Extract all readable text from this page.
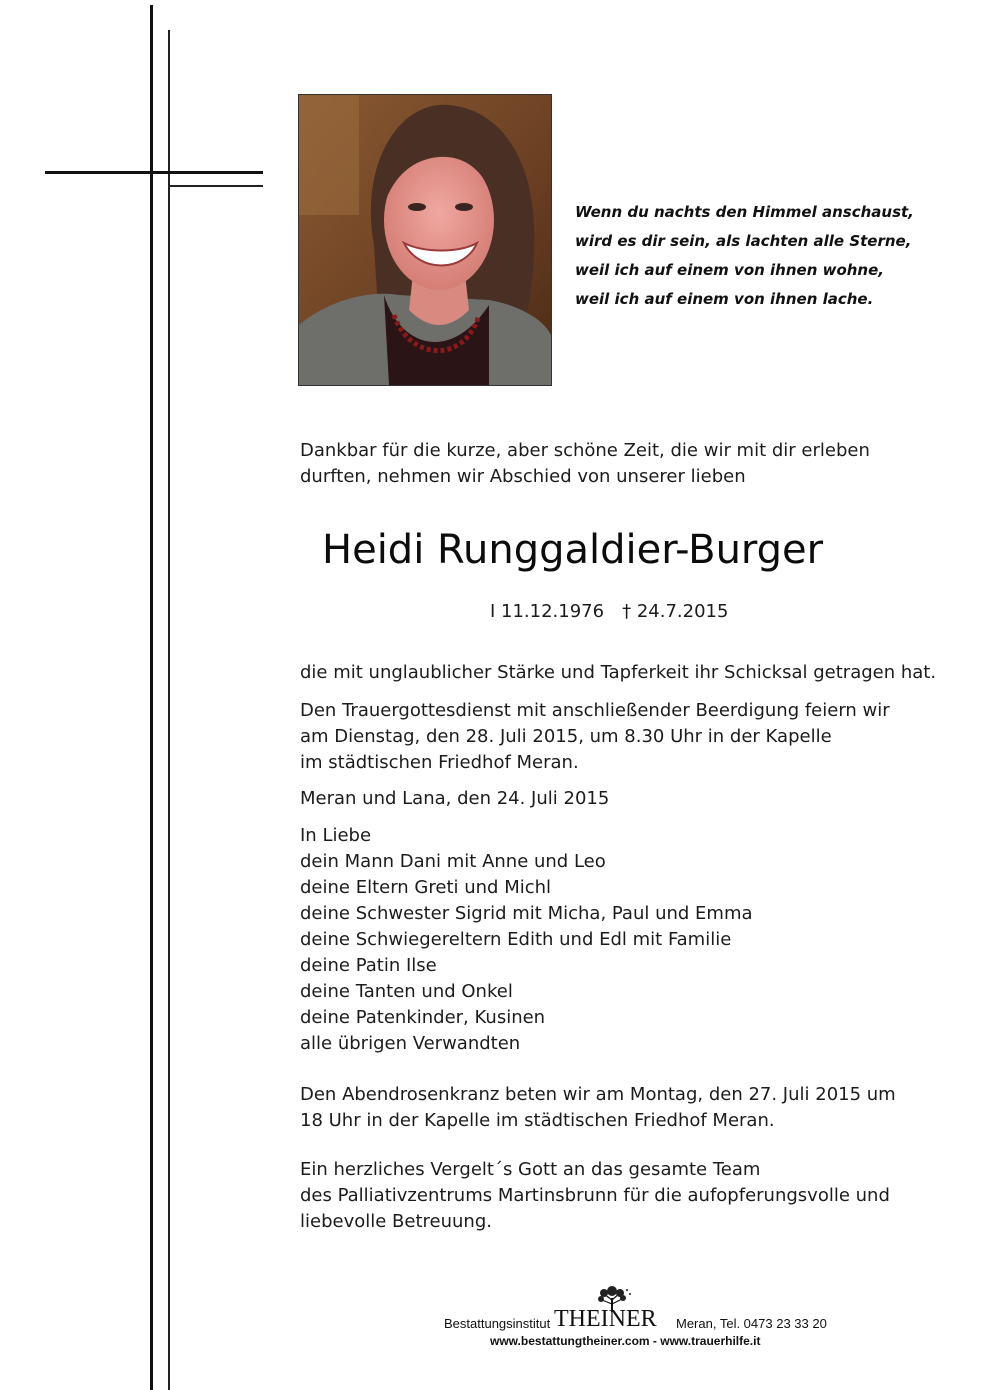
Wenn du nachts den Himmel anschaust,
wird es dir sein, als lachten alle Sterne,
weil ich auf einem von ihnen wohne,
weil ich auf einem von ihnen lache.
Dankbar für die kurze, aber schöne Zeit, die wir mit dir erleben
durften, nehmen wir Abschied von unserer lieben
Heidi Runggaldier-Burger
I 11.12.1976 † 24.7.2015
die mit unglaublicher Stärke und Tapferkeit ihr Schicksal getragen hat.
Den Trauergottesdienst mit anschließender Beerdigung feiern wir
am Dienstag, den 28. Juli 2015, um 8.30 Uhr in der Kapelle
im städtischen Friedhof Meran.
Meran und Lana, den 24. Juli 2015
In Liebe
dein Mann Dani mit Anne und Leo
deine Eltern Greti und Michl
deine Schwester Sigrid mit Micha, Paul und Emma
deine Schwiegereltern Edith und Edl mit Familie
deine Patin Ilse
deine Tanten und Onkel
deine Patenkinder, Kusinen
alle übrigen Verwandten
Den Abendrosenkranz beten wir am Montag, den 27. Juli 2015 um
18 Uhr in der Kapelle im städtischen Friedhof Meran.
Ein herzliches Vergelt´s Gott an das gesamte Team
des Palliativzentrums Martinsbrunn für die aufopferungsvolle und
liebevolle Betreuung.
Bestattungsinstitut THEINER Meran, Tel. 0473 23 33 20
www.bestattungtheiner.com - www.trauerhilfe.it
